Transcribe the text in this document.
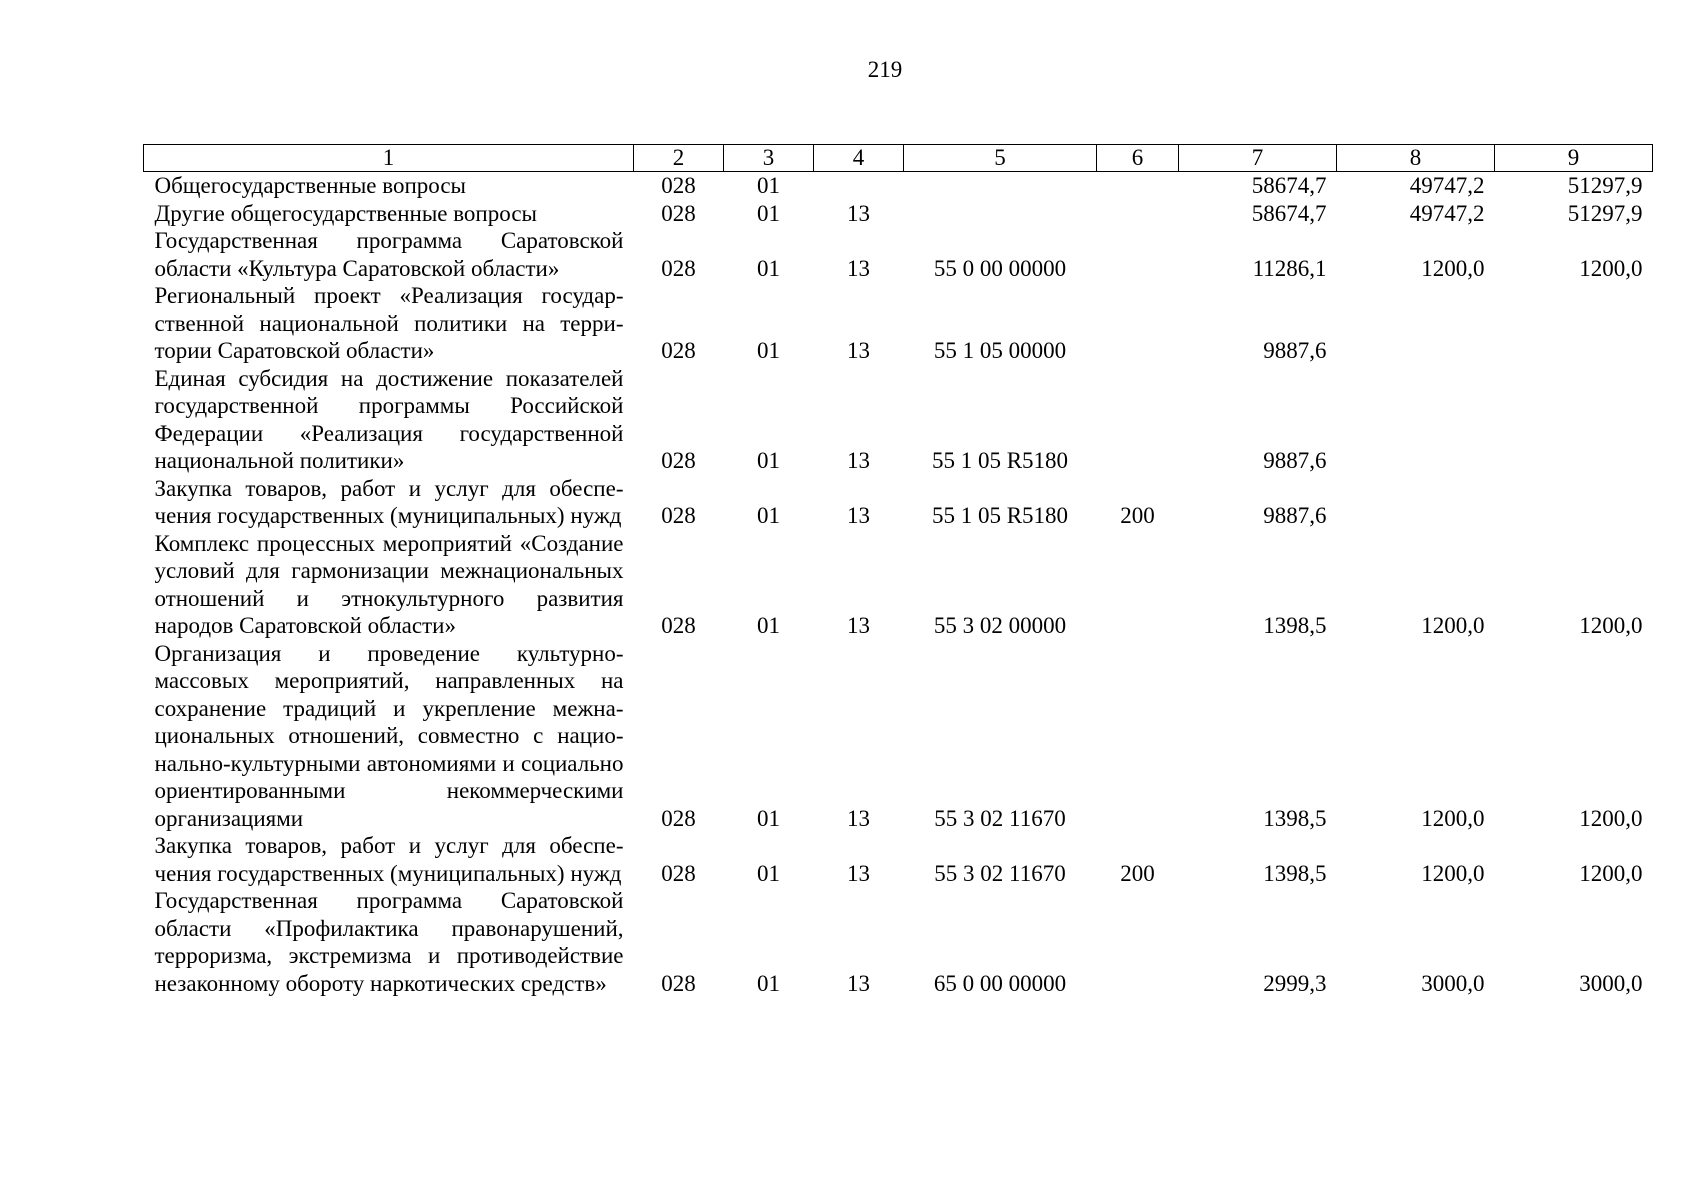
219
1	2	3	4	5	6	7	8	9
Общегосударственные вопросы	028	01				58674,7	49747,2	51297,9
Другие общегосударственные вопросы	028	01	13			58674,7	49747,2	51297,9
Государственная программа Саратовской области «Культура Саратовской области»	028	01	13	55 0 00 00000		11286,1	1200,0	1200,0
Региональный проект «Реализация государственной национальной политики на территории Саратовской области»	028	01	13	55 1 05 00000		9887,6		
Единая субсидия на достижение показателей государственной программы Российской Федерации «Реализация государственной национальной политики»	028	01	13	55 1 05 R5180		9887,6		
Закупка товаров, работ и услуг для обеспечения государственных (муниципальных) нужд	028	01	13	55 1 05 R5180	200	9887,6		
Комплекс процессных мероприятий «Создание условий для гармонизации межнациональных отношений и этнокультурного развития народов Саратовской области»	028	01	13	55 3 02 00000		1398,5	1200,0	1200,0
Организация и проведение культурно-массовых мероприятий, направленных на сохранение традиций и укрепление межнациональных отношений, совместно с национально-культурными автономиями и социально ориентированными некоммерческими организациями	028	01	13	55 3 02 11670		1398,5	1200,0	1200,0
Закупка товаров, работ и услуг для обеспечения государственных (муниципальных) нужд	028	01	13	55 3 02 11670	200	1398,5	1200,0	1200,0
Государственная программа Саратовской области «Профилактика правонарушений, терроризма, экстремизма и противодействие незаконному обороту наркотических средств»	028	01	13	65 0 00 00000		2999,3	3000,0	3000,0
